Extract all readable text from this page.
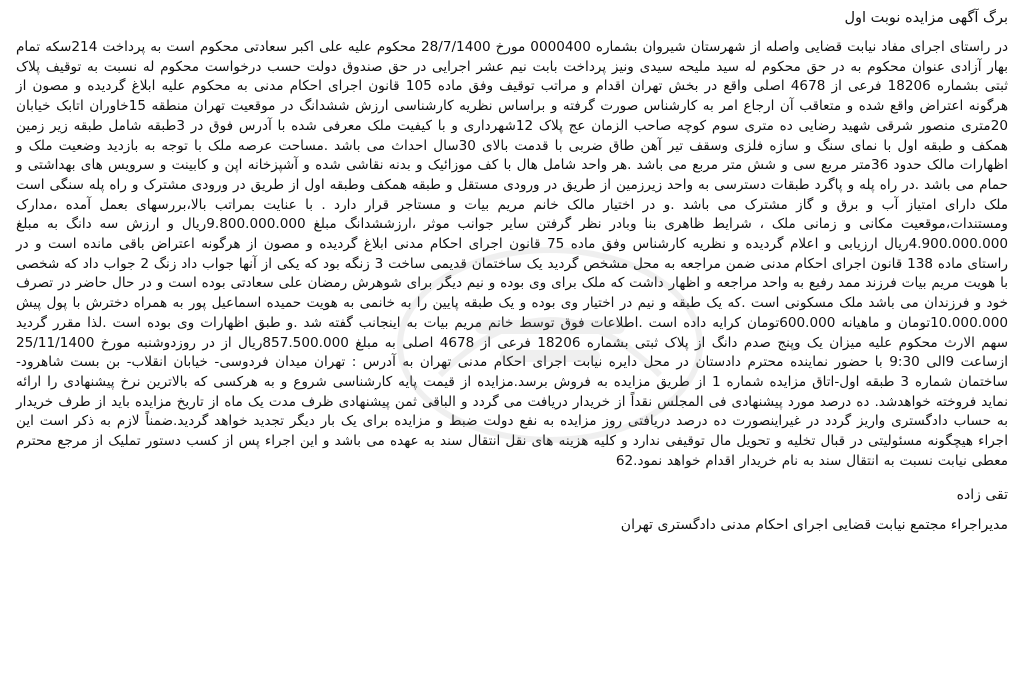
برگ آگهی مزایده نوبت اول

در راستای اجرای مفاد نیابت قضایی واصله از شهرستان شیروان بشماره 0000400 مورخ 28/7/1400 محکوم علیه علی اکبر سعادتی محکوم است به پرداخت 214سکه تمام بهار آزادی عنوان محکوم به در حق محکوم له سید ملیحه سیدی ونیز پرداخت بابت نیم عشر اجرایی در حق صندوق دولت حسب درخواست محکوم له نسبت به توقیف پلاک ثبتی بشماره 18206 فرعی از 4678 اصلی واقع در بخش تهران اقدام و مراتب توقیف وفق ماده 105 قانون اجرای احکام مدنی به محکوم علیه ابلاغ گردیده و مصون از هرگونه اعتراض واقع شده و متعاقب آن ارجاع امر به کارشناس صورت گرفته و براساس نظریه کارشناسی ارزش ششدانگ در موقعیت تهران منطقه 15خاوران اتابک خیابان 20متری منصور شرقی شهید رضایی ده متری سوم کوچه صاحب الزمان عج پلاک 12شهرداری و با کیفیت ملک معرفی شده با آدرس فوق در 3طبقه شامل طبقه زیر زمین همکف و طبقه اول با نمای سنگ و سازه فلزی وسقف تیر آهن طاق ضربی با قدمت بالای 30سال احداث می باشد .مساحت عرصه ملک با توجه به بازدید وضعیت ملک و اظهارات مالک حدود 36متر مربع سی و شش متر مربع می باشد .هر واحد شامل هال با کف موزائیک و بدنه نقاشی شده و آشپزخانه اپن و کابینت و سرویس های بهداشتی و حمام می باشد .در راه پله و پاگرد طبقات دسترسی به واحد زیرزمین از طریق در ورودی مستقل و طبقه همکف وطبقه اول از طریق در ورودی مشترک و راه پله سنگی است ملک دارای امتیاز آب و برق و گاز مشترک می باشد .و در اختیار مالک خانم مریم بیات و مستاجر قرار دارد . با عنایت بمراتب بالا،بررسهای بعمل آمده ،مدارک ومستندات،موقعیت مکانی و زمانی ملک ، شرایط ظاهری بنا وبادر نظر گرفتن سایر جوانب موثر ،ارزششدانگ مبلغ 9.800.000.000ریال و ارزش سه دانگ به مبلغ 4.900.000.000ریال ارزیابی و اعلام گردیده و نظریه کارشناس وفق ماده 75 قانون اجرای احکام مدنی ابلاغ گردیده و مصون از هرگونه اعتراض باقی مانده است و در راستای ماده 138 قانون اجرای احکام مدنی ضمن مراجعه به محل مشخص گردید یک ساختمان قدیمی ساخت 3 زنگه بود که یکی از آنها جواب داد زنگ 2 جواب داد که شخصی با هویت مریم بیات فرزند ممد رفیع به واحد مراجعه و اظهار داشت که ملک برای وی بوده و نیم دیگر برای شوهرش رمضان علی سعادتی بوده است و در حال حاضر در تصرف خود و فرزندان می باشد ملک مسکونی است .که یک طبقه و نیم در اختیار وی بوده و یک طبقه پایین را به خانمی به هویت حمیده اسماعیل پور به همراه دخترش با پول پیش 10.000.000تومان و ماهیانه 600.000تومان کرایه داده است .اطلاعات فوق توسط خانم مریم بیات به اینجانب گفته شد .و طبق اظهارات وی بوده است .لذا مقرر گردید سهم الارث محکوم علیه میزان یک وپنج صدم دانگ از پلاک ثبتی بشماره 18206 فرعی از 4678 اصلی به مبلغ 857.500.000ریال از در روزدوشنبه مورخ 25/11/1400 ازساعت 9الی 9:30 با حضور نماینده محترم دادستان در محل دایره نیابت اجرای احکام مدنی تهران به آدرس : تهران میدان فردوسی- خیابان انقلاب- بن بست شاهرود- ساختمان شماره 3 طبقه اول-اتاق مزایده شماره 1 از طریق مزایده به فروش برسد.مزایده از قیمت پایه کارشناسی شروع و به هرکسی که بالاترین نرخ پیشنهادی را ارائه نماید فروخته خواهدشد. ده درصد مورد پیشنهادی فی المجلس نقداً از خریدار دریافت می گردد و الباقی ثمن پیشنهادی ظرف مدت یک ماه از تاریخ مزایده باید از طرف خریدار به حساب دادگستری واریز گردد در غیراینصورت ده درصد دریافتی روز مزایده به نفع دولت ضبط و مزایده برای یک بار دیگر تجدید خواهد گردید.ضمناً لازم به ذکر است این اجراء هیچگونه مسئولیتی در قبال تخلیه و تحویل مال توقیفی ندارد و کلیه هزینه های نقل انتقال سند به عهده می باشد و این اجراء پس از کسب دستور تملیک از مرجع محترم معطی نیابت نسبت به انتقال سند به نام خریدار اقدام خواهد نمود.62

تقی زاده
مدیراجراء مجتمع نیابت قضایی اجرای احکام مدنی دادگستری تهران
